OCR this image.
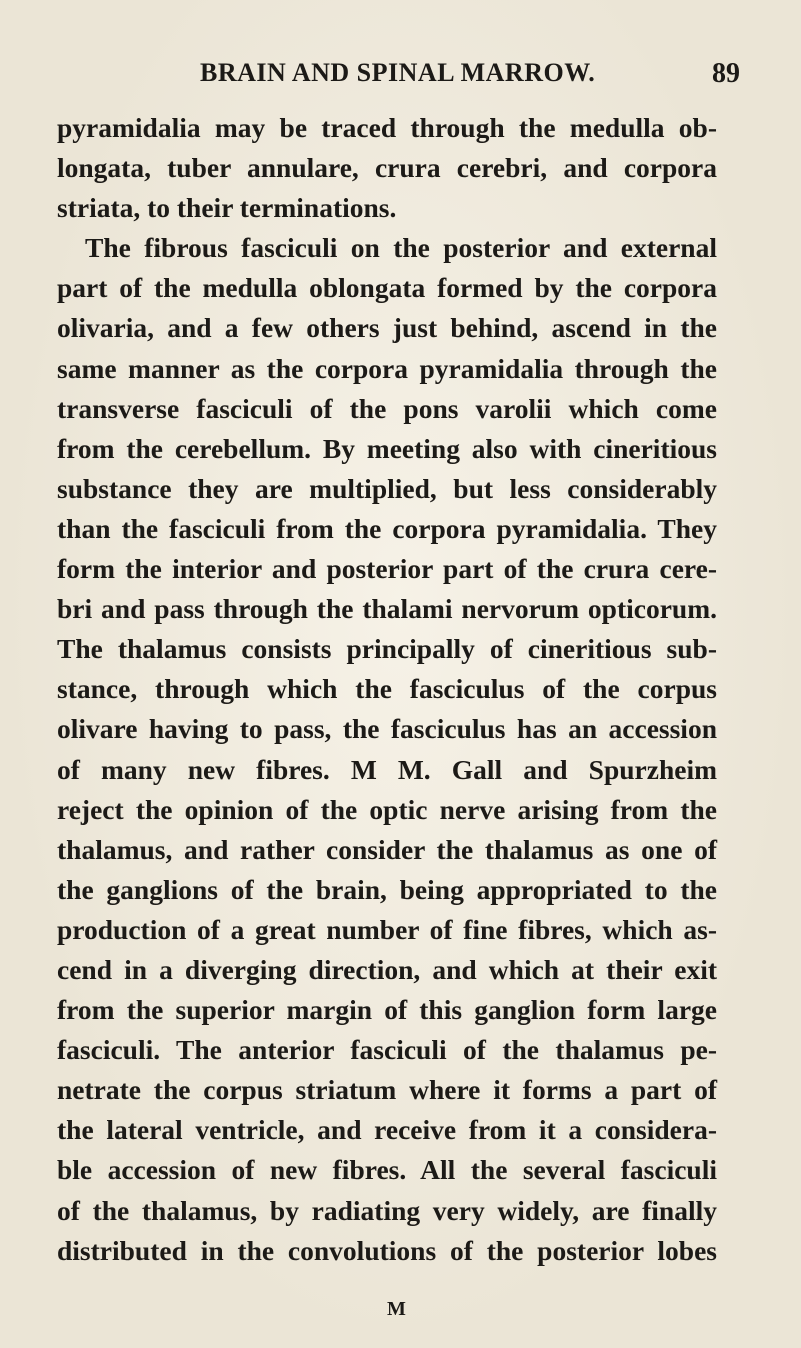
BRAIN AND SPINAL MARROW.	89
pyramidalia may be traced through the medulla ob-
longata, tuber annulare, crura cerebri, and corpora
striata, to their terminations.
The fibrous fasciculi on the posterior and external
part of the medulla oblongata formed by the corpora
olivaria, and a few others just behind, ascend in the
same manner as the corpora pyramidalia through the
transverse fasciculi of the pons varolii which come
from the cerebellum. By meeting also with cineritious
substance they are multiplied, but less considerably
than the fasciculi from the corpora pyramidalia. They
form the interior and posterior part of the crura cere-
bri and pass through the thalami nervorum opticorum.
The thalamus consists principally of cineritious sub-
stance, through which the fasciculus of the corpus
olivare having to pass, the fasciculus has an accession
of many new fibres. M M. Gall and Spurzheim
reject the opinion of the optic nerve arising from the
thalamus, and rather consider the thalamus as one of
the ganglions of the brain, being appropriated to the
production of a great number of fine fibres, which as-
cend in a diverging direction, and which at their exit
from the superior margin of this ganglion form large
fasciculi. The anterior fasciculi of the thalamus pe-
netrate the corpus striatum where it forms a part of
the lateral ventricle, and receive from it a considera-
ble accession of new fibres. All the several fasciculi
of the thalamus, by radiating very widely, are finally
distributed in the convolutions of the posterior lobes
M
